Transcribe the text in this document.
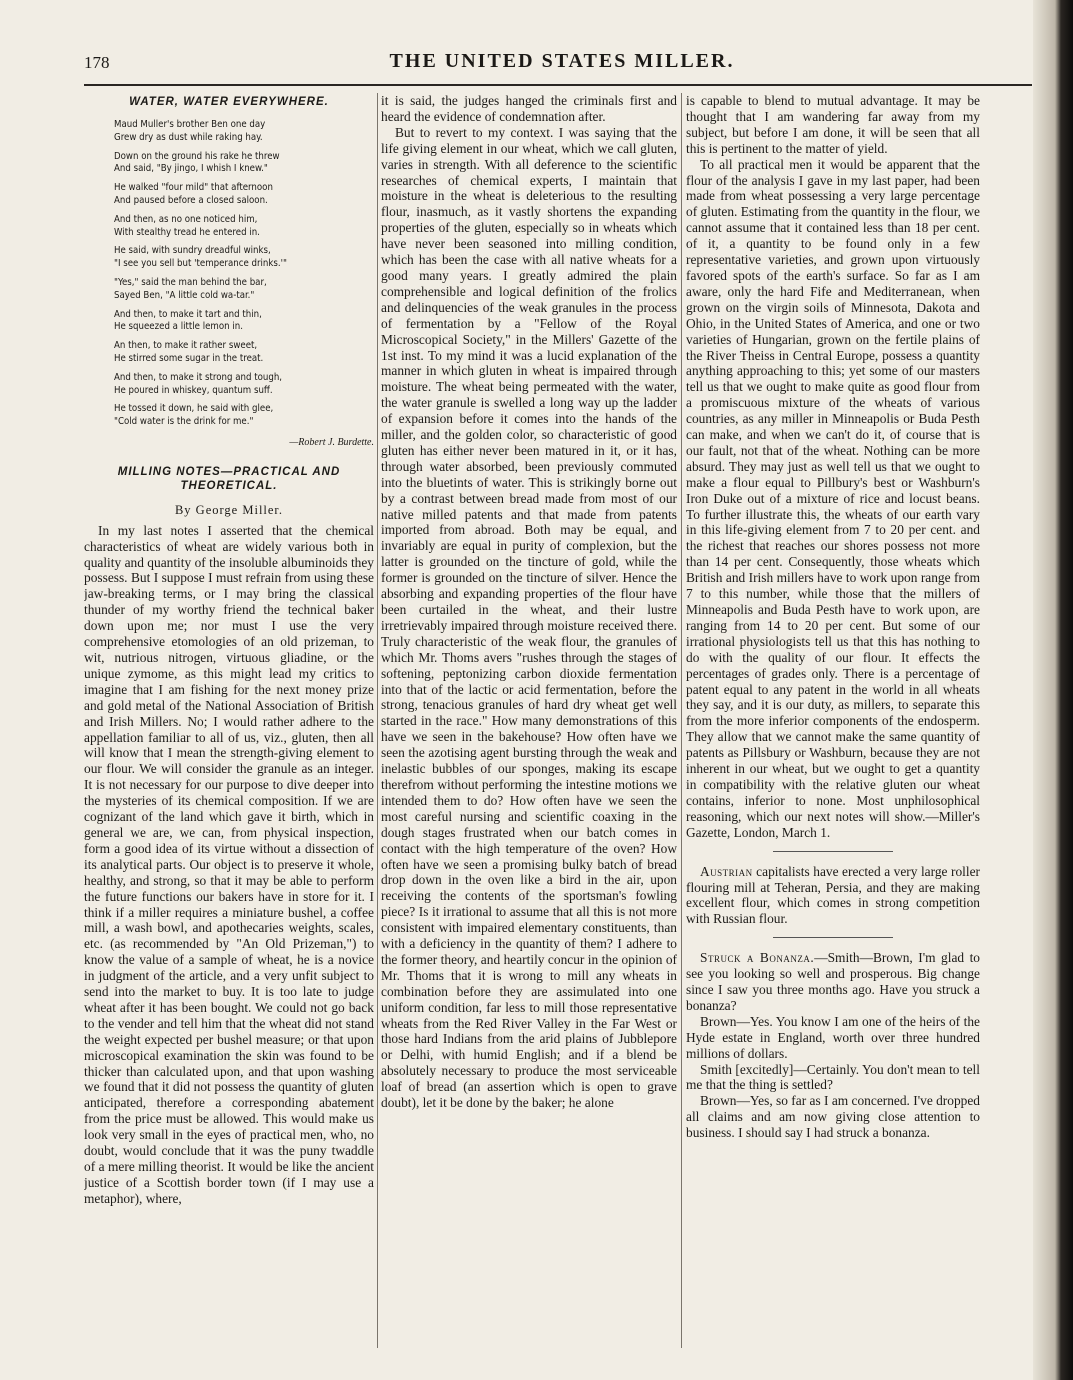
178	THE UNITED STATES MILLER.
WATER, WATER EVERYWHERE.
Maud Muller's brother Ben one day
Grew dry as dust while raking hay.
Down on the ground his rake he threw
And said, "By jingo, I whish I knew."
He walked "four mild" that afternoon
And paused before a closed saloon.
And then, as no one noticed him,
With stealthy tread he entered in.
He said, with sundry dreadful winks,
"I see you sell but 'temperance drinks.'"
"Yes," said the man behind the bar,
Sayed Ben, "A little cold wa-tar."
And then, to make it tart and thin,
He squeezed a little lemon in.
An then, to make it rather sweet,
He stirred some sugar in the treat.
And then, to make it strong and tough,
He poured in whiskey, quantum suff.
He tossed it down, he said with glee,
"Cold water is the drink for me."
—Robert J. Burdette.
MILLING NOTES—PRACTICAL AND THEORETICAL.
By George Miller.

In my last notes I asserted that the chemical characteristics of wheat are widely various both in quality and quantity of the insoluble albuminoids they possess. But I suppose I must refrain from using these jaw-breaking terms, or I may bring the classical thunder of my worthy friend the technical baker down upon me; nor must I use the very comprehensive etomologies of an old prizeman, to wit, nutrious nitrogen, virtuous gliadine, or the unique zymome, as this might lead my critics to imagine that I am fishing for the next money prize and gold metal of the National Association of British and Irish Millers. No; I would rather adhere to the appellation familiar to all of us, viz., gluten, then all will know that I mean the strength-giving element to our flour. We will consider the granule as an integer. It is not necessary for our purpose to dive deeper into the mysteries of its chemical composition. If we are cognizant of the land which gave it birth, which in general we are, we can, from physical inspection, form a good idea of its virtue without a dissection of its analytical parts. Our object is to preserve it whole, healthy, and strong, so that it may be able to perform the future functions our bakers have in store for it. I think if a miller requires a miniature bushel, a coffee mill, a wash bowl, and apothecaries weights, scales, etc. (as recommended by "An Old Prizeman,") to know the value of a sample of wheat, he is a novice in judgment of the article, and a very unfit subject to send into the market to buy. It is too late to judge wheat after it has been bought. We could not go back to the vender and tell him that the wheat did not stand the weight expected per bushel measure; or that upon microscopical examination the skin was found to be thicker than calculated upon, and that upon washing we found that it did not possess the quantity of gluten anticipated, therefore a corresponding abatement from the price must be allowed. This would make us look very small in the eyes of practical men, who, no doubt, would conclude that it was the puny twaddle of a mere milling theorist. It would be like the ancient justice of a Scottish border town (if I may use a metaphor), where,

it is said, the judges hanged the criminals first and heard the evidence of condemnation after.

But to revert to my context. I was saying that the life giving element in our wheat, which we call gluten, varies in strength. With all deference to the scientific researches of chemical experts, I maintain that moisture in the wheat is deleterious to the resulting flour, inasmuch, as it vastly shortens the expanding properties of the gluten, especially so in wheats which have never been seasoned into milling condition, which has been the case with all native wheats for a good many years. I greatly admired the plain comprehensible and logical definition of the frolics and delinquencies of the weak granules in the process of fermentation by a "Fellow of the Royal Microscopical Society," in the Millers' Gazette of the 1st inst. To my mind it was a lucid explanation of the manner in which gluten in wheat is impaired through moisture. The wheat being permeated with the water, the water granule is swelled a long way up the ladder of expansion before it comes into the hands of the miller, and the golden color, so characteristic of good gluten has either never been matured in it, or it has, through water absorbed, been previously commuted into the bluetints of water. This is strikingly borne out by a contrast between bread made from most of our native milled patents and that made from patents imported from abroad. Both may be equal, and invariably are equal in purity of complexion, but the latter is grounded on the tincture of gold, while the former is grounded on the tincture of silver. Hence the absorbing and expanding properties of the flour have been curtailed in the wheat, and their lustre irretrievably impaired through moisture received there. Truly characteristic of the weak flour, the granules of which Mr. Thoms avers "rushes through the stages of softening, peptonizing carbon dioxide fermentation into that of the lactic or acid fermentation, before the strong, tenacious granules of hard dry wheat get well started in the race." How many demonstrations of this have we seen in the bakehouse? How often have we seen the azotising agent bursting through the weak and inelastic bubbles of our sponges, making its escape therefrom without performing the intestine motions we intended them to do? How often have we seen the most careful nursing and scientific coaxing in the dough stages frustrated when our batch comes in contact with the high temperature of the oven? How often have we seen a promising bulky batch of bread drop down in the oven like a bird in the air, upon receiving the contents of the sportsman's fowling piece? Is it irrational to assume that all this is not more consistent with impaired elementary constituents, than with a deficiency in the quantity of them? I adhere to the former theory, and heartily concur in the opinion of Mr. Thoms that it is wrong to mill any wheats in combination before they are assimulated into one uniform condition, far less to mill those representative wheats from the Red River Valley in the Far West or those hard Indians from the arid plains of Jubblepore or Delhi, with humid English; and if a blend be absolutely necessary to produce the most serviceable loaf of bread (an assertion which is open to grave doubt), let it be done by the baker; he alone

is capable to blend to mutual advantage. It may be thought that I am wandering far away from my subject, but before I am done, it will be seen that all this is pertinent to the matter of yield.

To all practical men it would be apparent that the flour of the analysis I gave in my last paper, had been made from wheat possessing a very large percentage of gluten. Estimating from the quantity in the flour, we cannot assume that it contained less than 18 per cent. of it, a quantity to be found only in a few representative varieties, and grown upon virtuously favored spots of the earth's surface. So far as I am aware, only the hard Fife and Mediterranean, when grown on the virgin soils of Minnesota, Dakota and Ohio, in the United States of America, and one or two varieties of Hungarian, grown on the fertile plains of the River Theiss in Central Europe, possess a quantity anything approaching to this; yet some of our masters tell us that we ought to make quite as good flour from a promiscuous mixture of the wheats of various countries, as any miller in Minneapolis or Buda Pesth can make, and when we can't do it, of course that is our fault, not that of the wheat. Nothing can be more absurd. They may just as well tell us that we ought to make a flour equal to Pillbury's best or Washburn's Iron Duke out of a mixture of rice and locust beans. To further illustrate this, the wheats of our earth vary in this life-giving element from 7 to 20 per cent. and the richest that reaches our shores possess not more than 14 per cent. Consequently, those wheats which British and Irish millers have to work upon range from 7 to this number, while those that the millers of Minneapolis and Buda Pesth have to work upon, are ranging from 14 to 20 per cent. But some of our irrational physiologists tell us that this has nothing to do with the quality of our flour. It effects the percentages of grades only. There is a percentage of patent equal to any patent in the world in all wheats they say, and it is our duty, as millers, to separate this from the more inferior components of the endosperm. They allow that we cannot make the same quantity of patents as Pillsbury or Washburn, because they are not inherent in our wheat, but we ought to get a quantity in compatibility with the relative gluten our wheat contains, inferior to none. Most unphilosophical reasoning, which our next notes will show.—Miller's Gazette, London, March 1.

Austrian capitalists have erected a very large roller flouring mill at Teheran, Persia, and they are making excellent flour, which comes in strong competition with Russian flour.

Struck a Bonanza.—Smith—Brown, I'm glad to see you looking so well and prosperous. Big change since I saw you three months ago. Have you struck a bonanza?

Brown—Yes. You know I am one of the heirs of the Hyde estate in England, worth over three hundred millions of dollars.

Smith [excitedly]—Certainly. You don't mean to tell me that the thing is settled?

Brown—Yes, so far as I am concerned. I've dropped all claims and am now giving close attention to business. I should say I had struck a bonanza.
